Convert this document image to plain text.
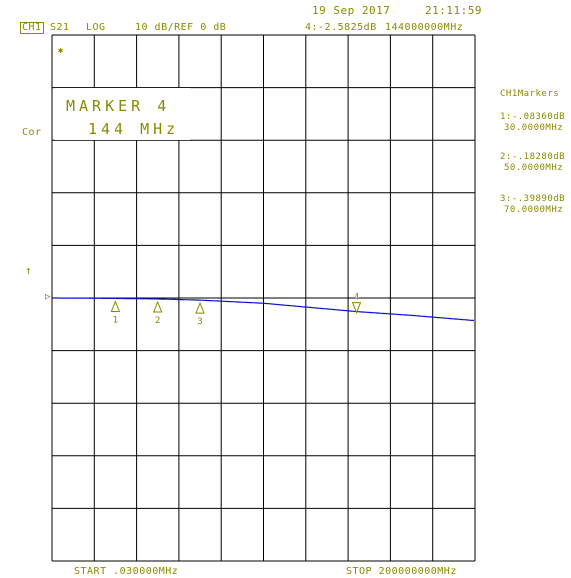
19 Sep 2017	21:11:59
CH1 S21 LOG	10 dB/REF 0 dB	4:-2.5825dB 144000000MHz
Cor
↑
▷
✱
1	2	3
4
MARKER 4
144 MHz
CH1Markers
1:-.08360dB
30.0000MHz
2:-.18280dB
50.0000MHz
3:-.39890dB
70.0000MHz
START .030000MHz	STOP 200000000MHz
